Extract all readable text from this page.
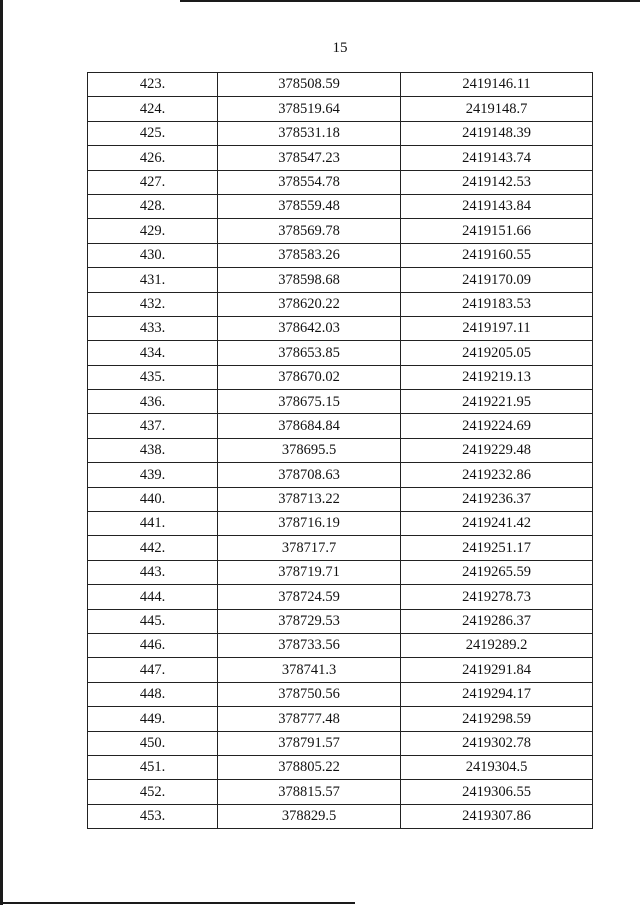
15
423.	378508.59	2419146.11
424.	378519.64	2419148.7
425.	378531.18	2419148.39
426.	378547.23	2419143.74
427.	378554.78	2419142.53
428.	378559.48	2419143.84
429.	378569.78	2419151.66
430.	378583.26	2419160.55
431.	378598.68	2419170.09
432.	378620.22	2419183.53
433.	378642.03	2419197.11
434.	378653.85	2419205.05
435.	378670.02	2419219.13
436.	378675.15	2419221.95
437.	378684.84	2419224.69
438.	378695.5	2419229.48
439.	378708.63	2419232.86
440.	378713.22	2419236.37
441.	378716.19	2419241.42
442.	378717.7	2419251.17
443.	378719.71	2419265.59
444.	378724.59	2419278.73
445.	378729.53	2419286.37
446.	378733.56	2419289.2
447.	378741.3	2419291.84
448.	378750.56	2419294.17
449.	378777.48	2419298.59
450.	378791.57	2419302.78
451.	378805.22	2419304.5
452.	378815.57	2419306.55
453.	378829.5	2419307.86
